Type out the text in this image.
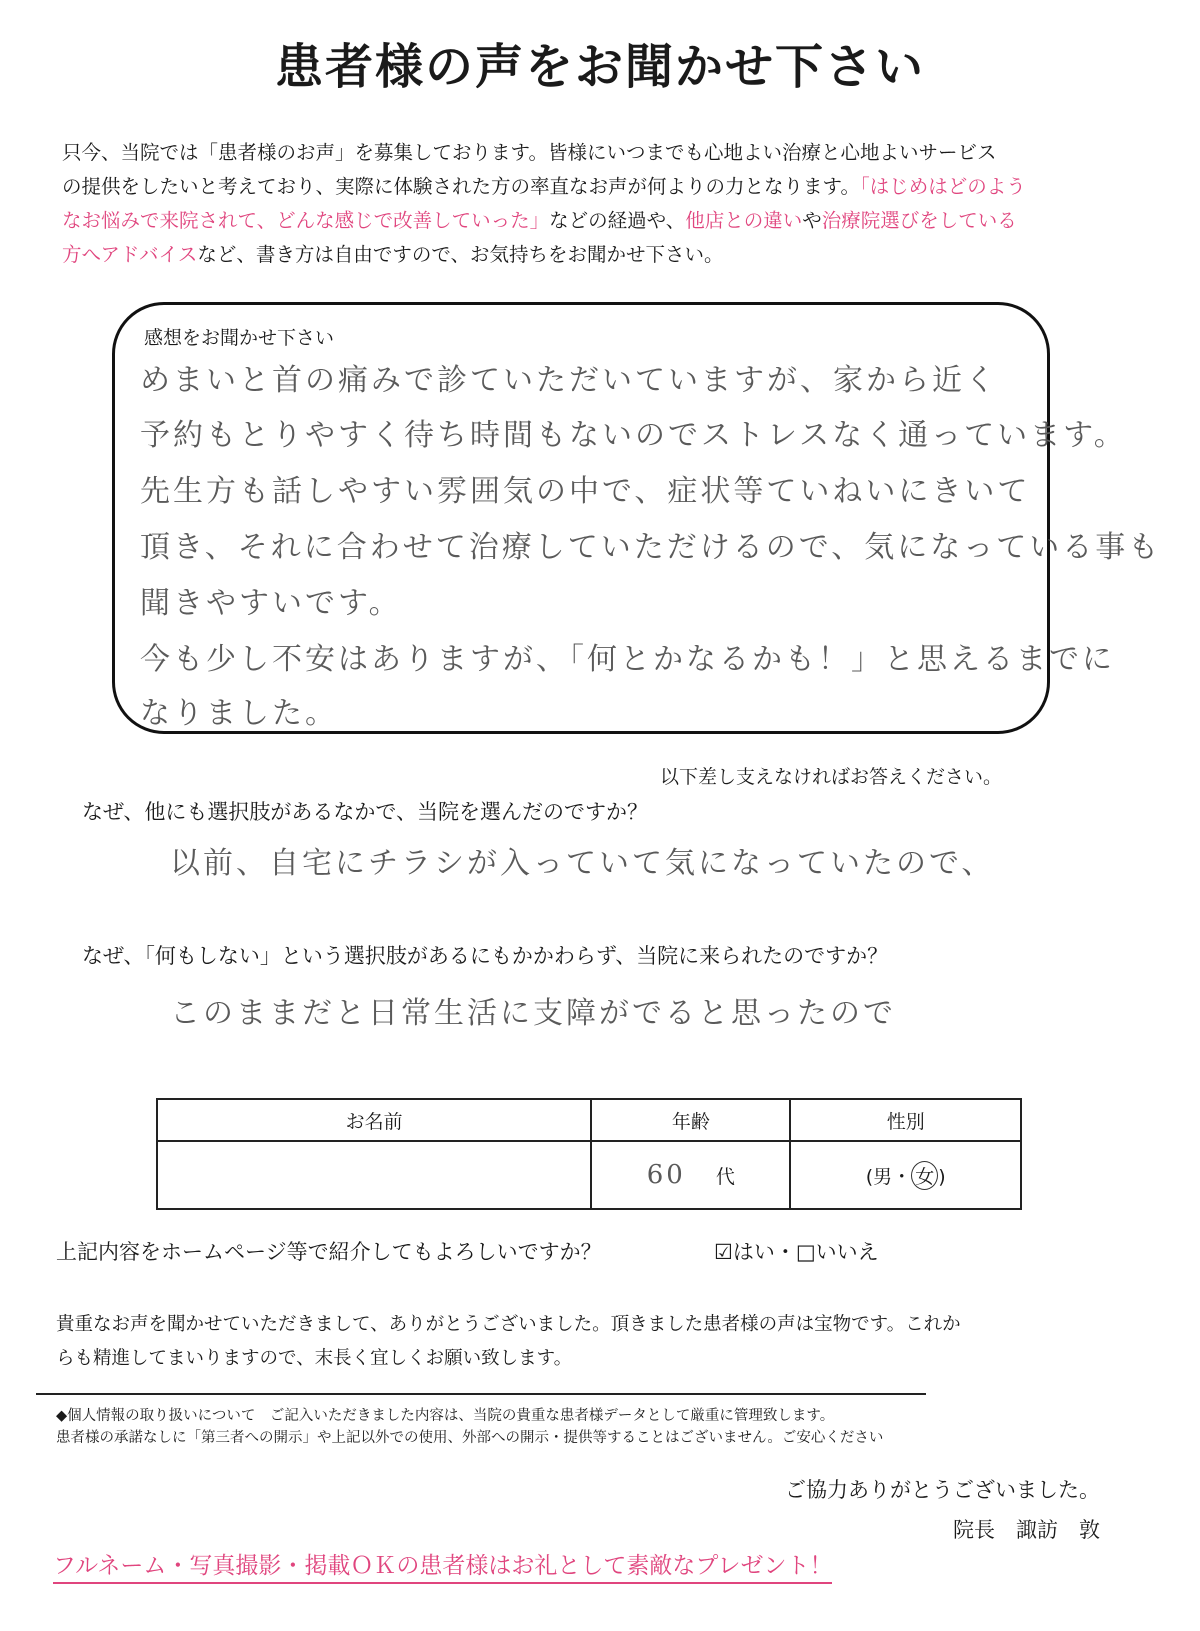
患者様の声をお聞かせ下さい
只今、当院では「患者様のお声」を募集しております。皆様にいつまでも心地よい治療と心地よいサービス
の提供をしたいと考えており、実際に体験された方の率直なお声が何よりの力となります。「はじめはどのよう
なお悩みで来院されて、どんな感じで改善していった」などの経過や、他店との違いや治療院選びをしている
方へアドバイスなど、書き方は自由ですので、お気持ちをお聞かせ下さい。
感想をお聞かせ下さい
めまいと首の痛みで診ていただいていますが、家から近く
予約もとりやすく待ち時間もないのでストレスなく通っています。
先生方も話しやすい雰囲気の中で、症状等ていねいにきいて
頂き、それに合わせて治療していただけるので、気になっている事も
聞きやすいです。
今も少し不安はありますが、「何とかなるかも！」と思えるまでに
なりました。
以下差し支えなければお答えください。
なぜ、他にも選択肢があるなかで、当院を選んだのですか？
以前、自宅にチラシが入っていて気になっていたので、
なぜ、「何もしない」という選択肢があるにもかかわらず、当院に来られたのですか？
このままだと日常生活に支障がでると思ったので
お名前	年齢	性別
	60 代	(男・ 女 )
上記内容をホームページ等で紹介してもよろしいですか？	☑はい・□いいえ
貴重なお声を聞かせていただきまして、ありがとうございました。頂きました患者様の声は宝物です。これか
らも精進してまいりますので、末長く宜しくお願い致します。
◆個人情報の取り扱いについて　ご記入いただきました内容は、当院の貴重な患者様データとして厳重に管理致します。
患者様の承諾なしに「第三者への開示」や上記以外での使用、外部への開示・提供等することはございません。ご安心ください
ご協力ありがとうございました。
院長　諏訪　敦
フルネーム・写真撮影・掲載ＯＫの患者様はお礼として素敵なプレゼント！
